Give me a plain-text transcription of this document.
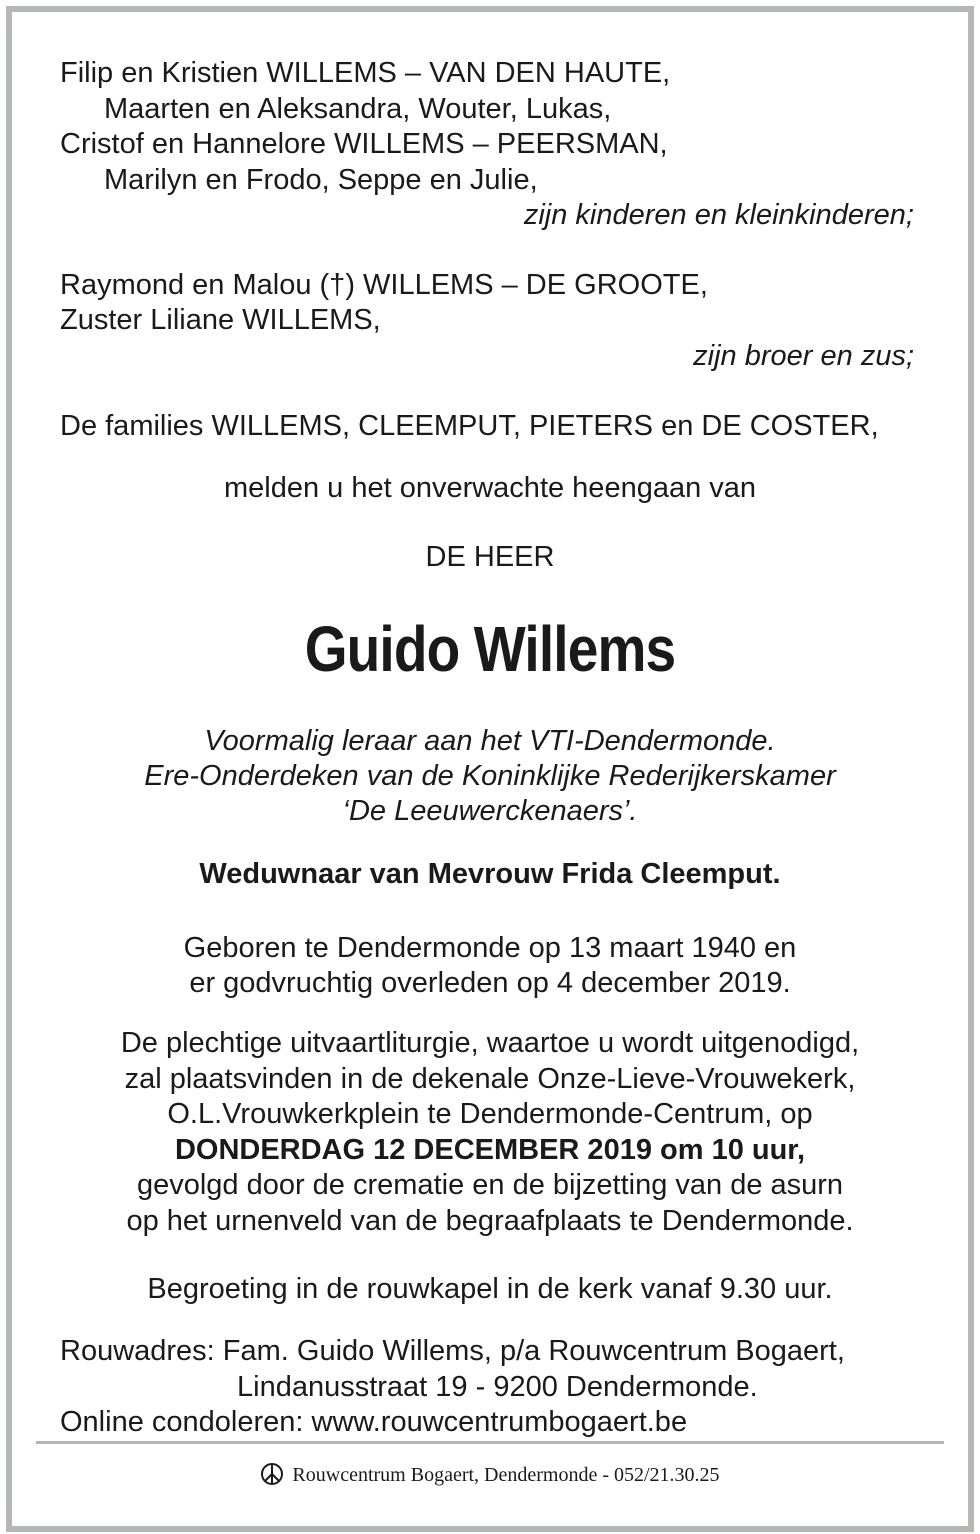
Filip en Kristien WILLEMS – VAN DEN HAUTE,
Maarten en Aleksandra, Wouter, Lukas,
Cristof en Hannelore WILLEMS – PEERSMAN,
Marilyn en Frodo, Seppe en Julie,
zijn kinderen en kleinkinderen;
Raymond en Malou (†) WILLEMS – DE GROOTE,
Zuster Liliane WILLEMS,
zijn broer en zus;
De families WILLEMS, CLEEMPUT, PIETERS en DE COSTER,
melden u het onverwachte heengaan van
DE HEER
Guido Willems
Voormalig leraar aan het VTI-Dendermonde.
Ere-Onderdeken van de Koninklijke Rederijkerskamer
‘De Leeuwerckenaers’.
Weduwnaar van Mevrouw Frida Cleemput.
Geboren te Dendermonde op 13 maart 1940 en
er godvruchtig overleden op 4 december 2019.
De plechtige uitvaartliturgie, waartoe u wordt uitgenodigd,
zal plaatsvinden in de dekenale Onze-Lieve-Vrouwekerk,
O.L.Vrouwkerkplein te Dendermonde-Centrum, op
DONDERDAG 12 DECEMBER 2019 om 10 uur,
gevolgd door de crematie en de bijzetting van de asurn
op het urnenveld van de begraafplaats te Dendermonde.
Begroeting in de rouwkapel in de kerk vanaf 9.30 uur.
Rouwadres: Fam. Guido Willems, p/a Rouwcentrum Bogaert,
Lindanusstraat 19 - 9200 Dendermonde.
Online condoleren: www.rouwcentrumbogaert.be
Rouwcentrum Bogaert, Dendermonde - 052/21.30.25
